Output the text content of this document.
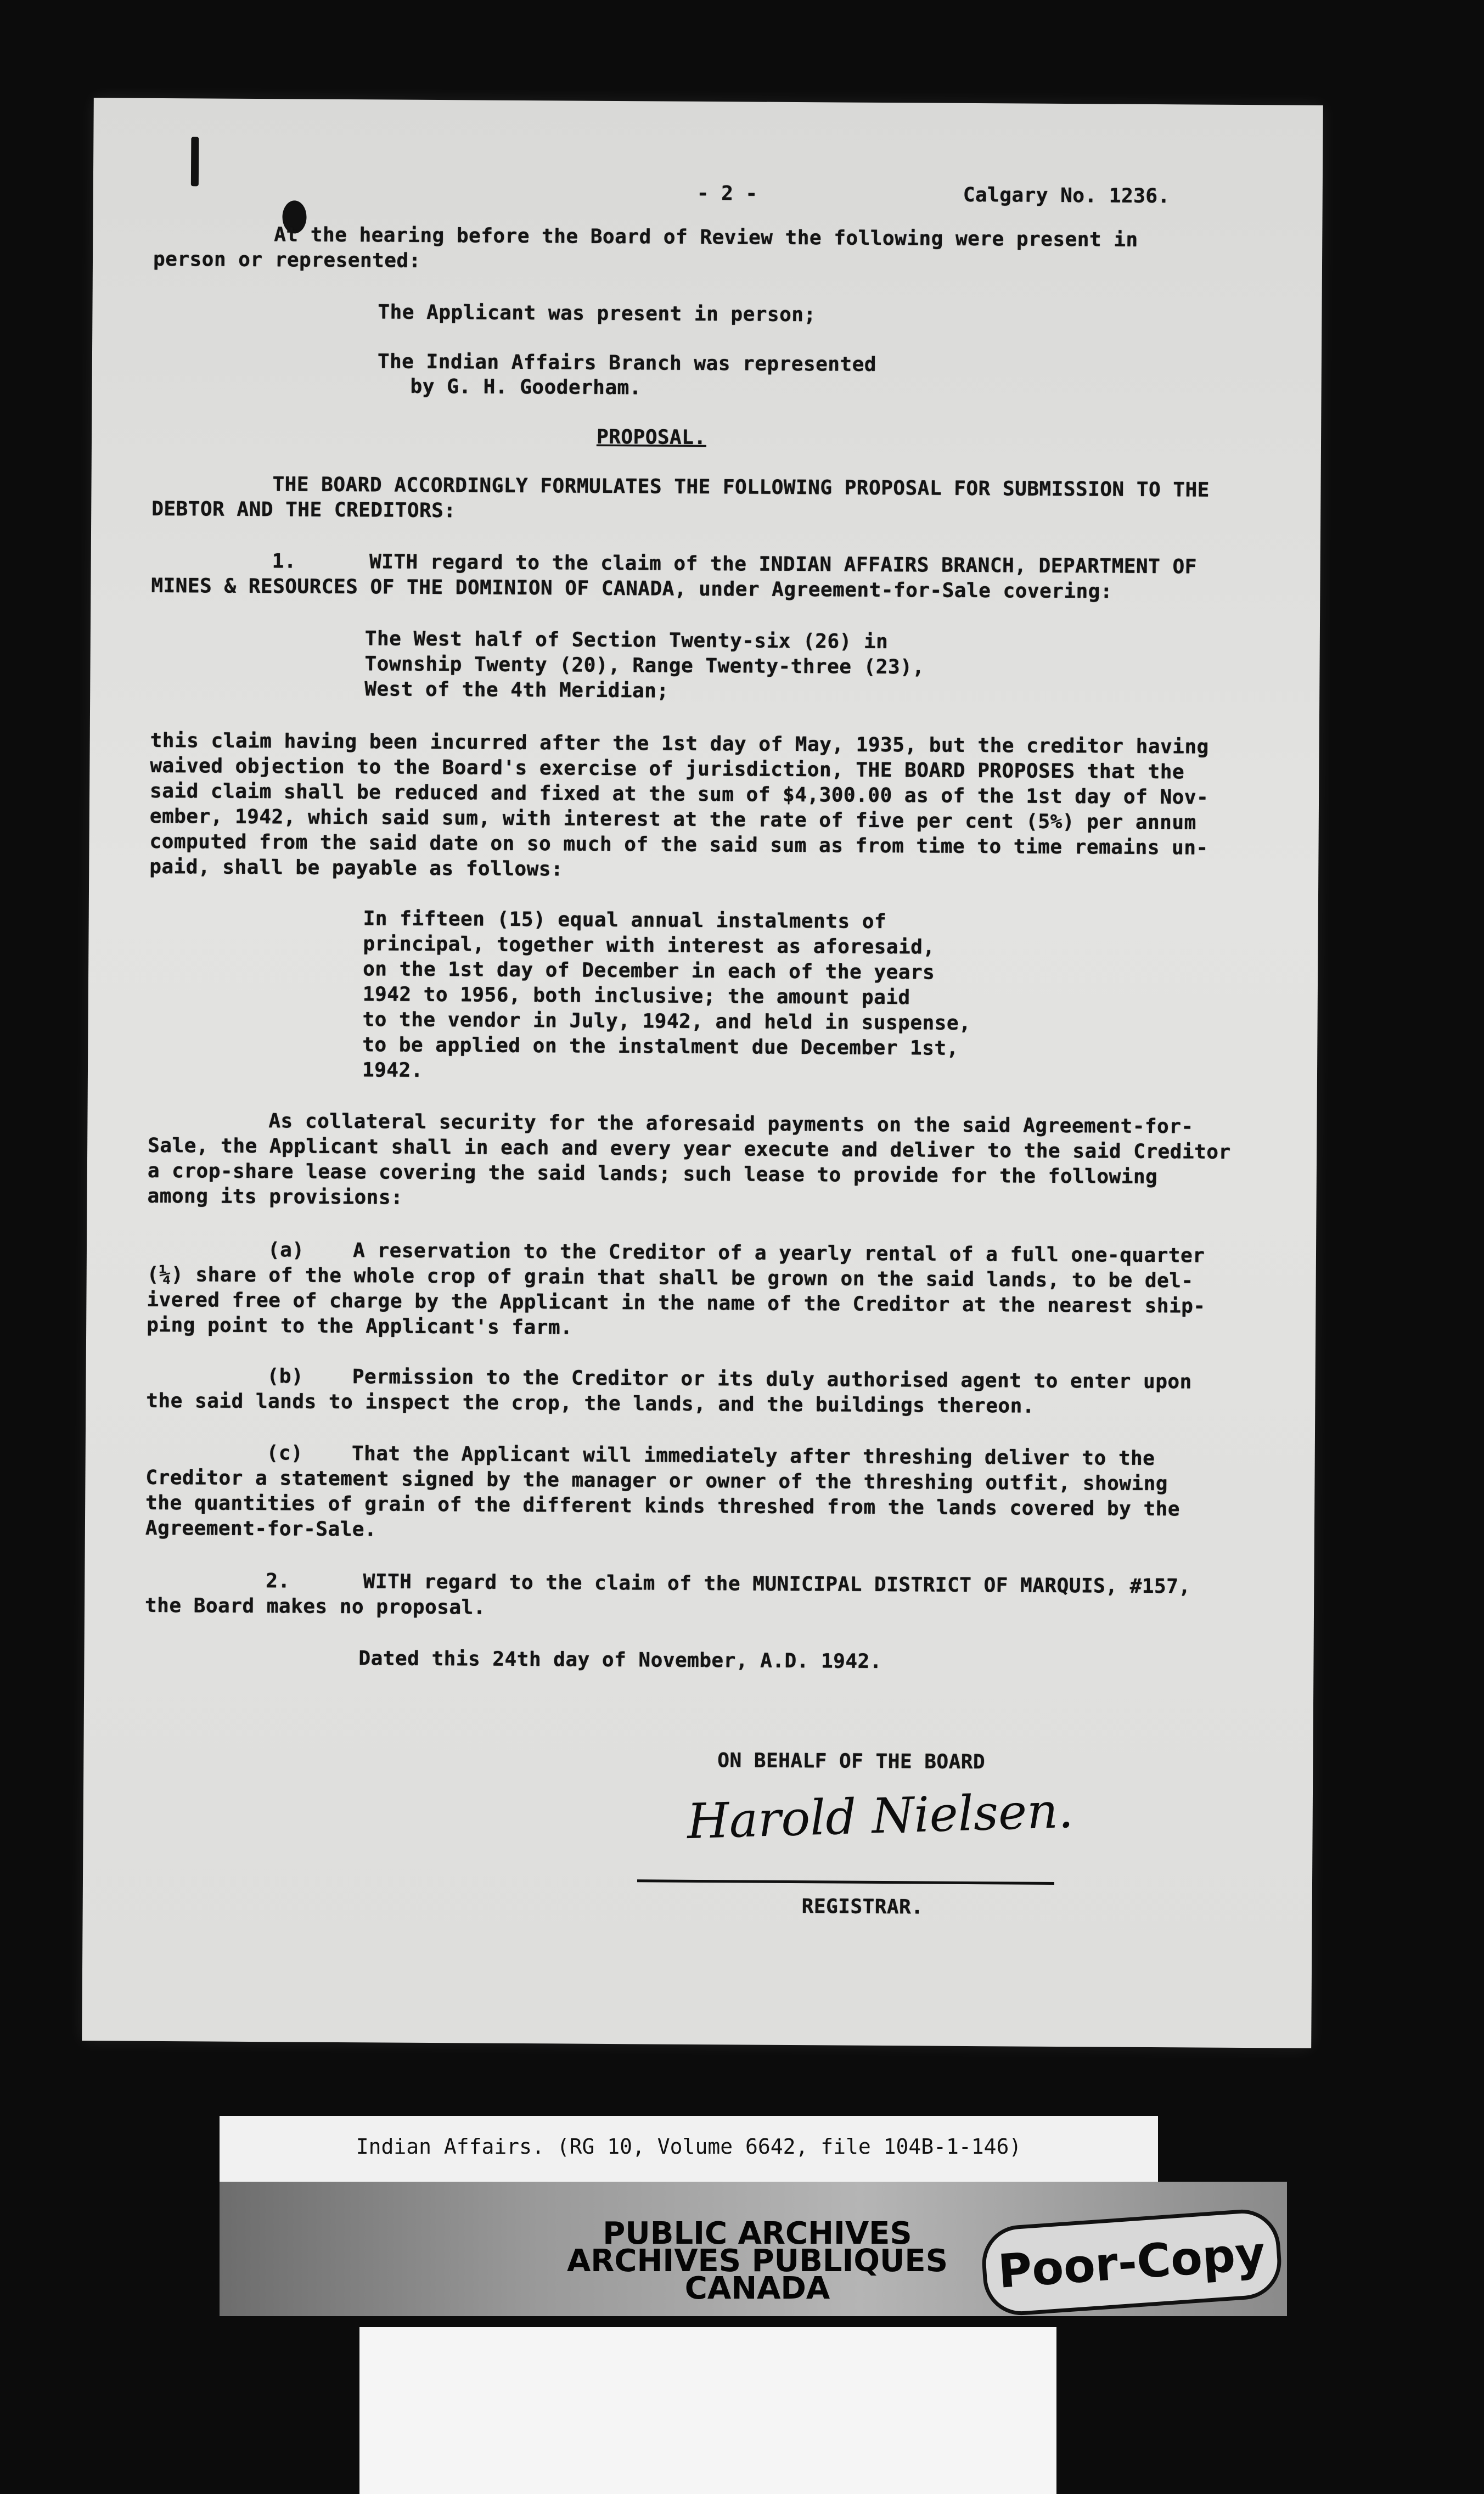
- 2 -	Calgary No. 1236.
At the hearing before the Board of Review the following were present in
person or represented:
The Applicant was present in person;
The Indian Affairs Branch was represented
by G. H. Gooderham.
PROPOSAL.
THE BOARD ACCORDINGLY FORMULATES THE FOLLOWING PROPOSAL FOR SUBMISSION TO THE
DEBTOR AND THE CREDITORS:
1.      WITH regard to the claim of the INDIAN AFFAIRS BRANCH, DEPARTMENT OF
MINES & RESOURCES OF THE DOMINION OF CANADA, under Agreement-for-Sale covering:
The West half of Section Twenty-six (26) in
Township Twenty (20), Range Twenty-three (23),
West of the 4th Meridian;
this claim having been incurred after the 1st day of May, 1935, but the creditor having
waived objection to the Board's exercise of jurisdiction, THE BOARD PROPOSES that the
said claim shall be reduced and fixed at the sum of $4,300.00 as of the 1st day of Nov-
ember, 1942, which said sum, with interest at the rate of five per cent (5%) per annum
computed from the said date on so much of the said sum as from time to time remains un-
paid, shall be payable as follows:
In fifteen (15) equal annual instalments of
principal, together with interest as aforesaid,
on the 1st day of December in each of the years
1942 to 1956, both inclusive; the amount paid
to the vendor in July, 1942, and held in suspense,
to be applied on the instalment due December 1st,
1942.
As collateral security for the aforesaid payments on the said Agreement-for-
Sale, the Applicant shall in each and every year execute and deliver to the said Creditor
a crop-share lease covering the said lands; such lease to provide for the following
among its provisions:
(a)    A reservation to the Creditor of a yearly rental of a full one-quarter
(¼) share of the whole crop of grain that shall be grown on the said lands, to be del-
ivered free of charge by the Applicant in the name of the Creditor at the nearest ship-
ping point to the Applicant's farm.
(b)    Permission to the Creditor or its duly authorised agent to enter upon
the said lands to inspect the crop, the lands, and the buildings thereon.
(c)    That the Applicant will immediately after threshing deliver to the
Creditor a statement signed by the manager or owner of the threshing outfit, showing
the quantities of grain of the different kinds threshed from the lands covered by the
Agreement-for-Sale.
2.      WITH regard to the claim of the MUNICIPAL DISTRICT OF MARQUIS, #157,
the Board makes no proposal.
Dated this 24th day of November, A.D. 1942.
ON BEHALF OF THE BOARD
Harold Nielsen.
REGISTRAR.
Indian Affairs. (RG 10, Volume 6642, file 104B-1-146)
PUBLIC ARCHIVES
ARCHIVES PUBLIQUES
CANADA	Poor-Copy
